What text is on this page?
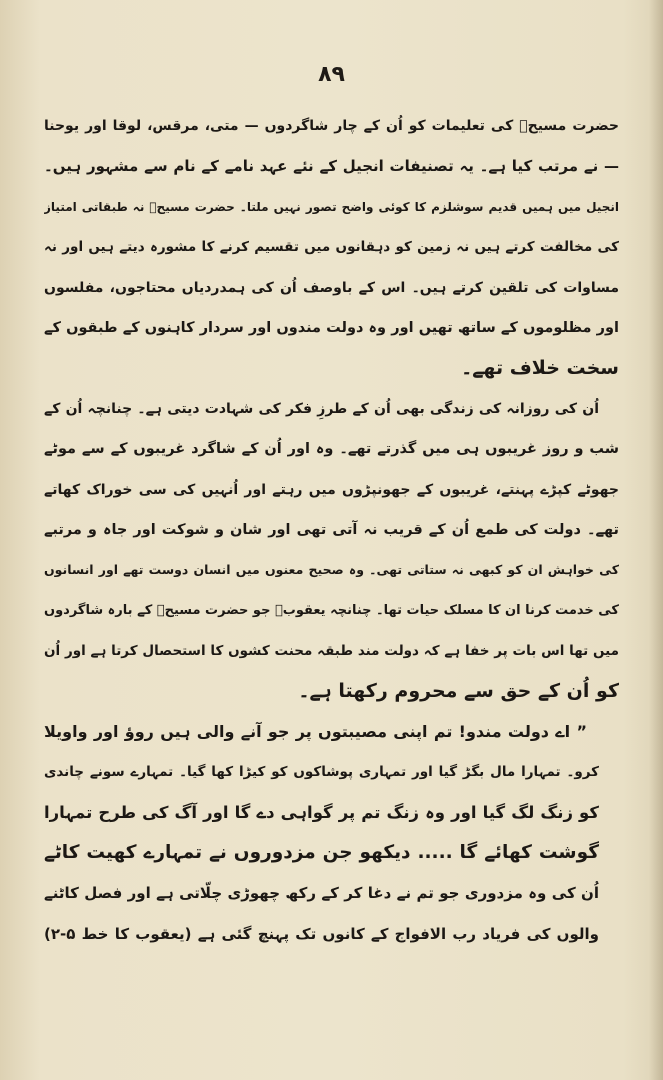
٨٩
حضرت مسیحؑ کی تعلیمات کو اُن کے چار شاگردوں — متی، مرقس، لوقا اور یوحنا
— نے مرتب کیا ہے۔ یہ تصنیفات انجیل کے نئے عہد نامے کے نام سے مشہور ہیں۔
انجیل میں ہمیں قدیم سوشلزم کا کوئی واضح تصور نہیں ملتا۔ حضرت مسیحؑ نہ طبقاتی امتیاز
کی مخالفت کرتے ہیں نہ زمین کو دہقانوں میں تقسیم کرنے کا مشورہ دیتے ہیں اور نہ
مساوات کی تلقین کرتے ہیں۔ اس کے باوصف اُن کی ہمدردیاں محتاجوں، مفلسوں
اور مظلوموں کے ساتھ تھیں اور وہ دولت مندوں اور سردار کاہنوں کے طبقوں کے
سخت خلاف تھے۔
اُن کی روزانہ کی زندگی بھی اُن کے طرزِ فکر کی شہادت دیتی ہے۔ چنانچہ اُن کے
شب و روز غریبوں ہی میں گذرتے تھے۔ وہ اور اُن کے شاگرد غریبوں کے سے موٹے
جھوٹے کپڑے پہنتے، غریبوں کے جھونپڑوں میں رہتے اور اُنہیں کی سی خوراک کھاتے
تھے۔ دولت کی طمع اُن کے قریب نہ آتی تھی اور شان و شوکت اور جاہ و مرتبے
کی خواہش ان کو کبھی نہ ستاتی تھی۔ وہ صحیح معنوں میں انسان دوست تھے اور انسانوں
کی خدمت کرنا ان کا مسلک حیات تھا۔ چنانچہ یعقوبؑ جو حضرت مسیحؑ کے بارہ شاگردوں
میں تھا اس بات پر خفا ہے کہ دولت مند طبقہ محنت کشوں کا استحصال کرتا ہے اور اُن
کو اُن کے حق سے محروم رکھتا ہے۔
” اے دولت مندو! تم اپنی مصیبتوں پر جو آنے والی ہیں روؤ اور واویلا
کرو۔ تمہارا مال بگڑ گیا اور تمہاری پوشاکوں کو کیڑا کھا گیا۔ تمہارے سونے چاندی
کو زنگ لگ گیا اور وہ زنگ تم پر گواہی دے گا اور آگ کی طرح تمہارا
گوشت کھائے گا ..... دیکھو جن مزدوروں نے تمہارے کھیت کاٹے
اُن کی وہ مزدوری جو تم نے دغا کر کے رکھ چھوڑی چلّاتی ہے اور فصل کاٹنے
والوں کی فریاد رب الافواج کے کانوں تک پہنچ گئی ہے (یعقوب کا خط ۵-۲)
